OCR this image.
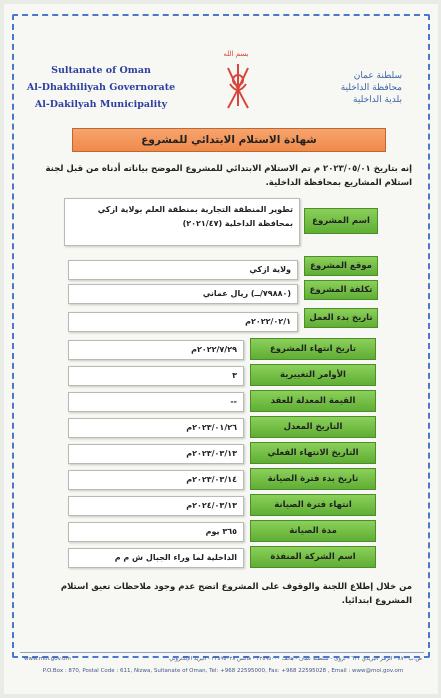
Sultanate of Oman
Al-Dhakhiliyah Governorate
Al-Dakilyah Municipality
بسم الله
سلطنة عمان
محافظة الداخلية
بلدية الداخلية
شهادة الاستلام الابتدائي للمشروع
إنه بتاريخ ٢٠٢٣/٠٥/٠١ م تم الاستلام الابتدائي للمشروع الموضح بياناته أدناه من قبل لجنة استلام المشاريع بمحافظة الداخلية.
تطوير المنطقة التجارية بمنطقة العلم بولاية ازكي بمحافظة الداخلية (٢٠٢١/٤٧)	اسم المشروع
ولاية ازكي	موقع المشروع
(٧٩٨٨٠/ــ) ريال عماني	تكلفة المشروع
٢٠٢٢/٠٢/١م	تاريخ بدء العمل
٢٠٢٢/٧/٢٩م	تاريخ انتهاء المشروع
٣	الأوامر التغييرية
--	القيمة المعدلة للعقد
٢٠٢٣/٠١/٢٦م	التاريخ المعدل
٢٠٢٣/٠٣/١٣م	التاريخ الانتهاء الفعلي
٢٠٢٣/٠٣/١٤م	تاريخ بدء فترة الصيانة
٢٠٢٤/٠٣/١٣م	انتهاء فترة الصيانة
٣٦٥ يوم	مدة الصيانة
الداخلية لما وراء الجبال ش م م	اسم الشركة المنفذة
من خلال إطلاع اللجنة والوقوف على المشروع اتضح عدم وجود ملاحظات تعيق استلام المشروع ابتدائيا.
www.moi.gov.om	ص.ب ٨٧٠ - الرمز البريدي ٦١١ - نزوى - سلطنة عمان - هاتف ٢٢٥٩٥٠٠٠ - فاكس ٢٢٥٩٥٠٢٨ - البريد الإلكتروني
P.O.Box : 870, Postal Code : 611, Nizwa, Sultanate of Oman, Tel: +968 22595000, Fax: +968 22595028 , Email : www@moi.gov.om
